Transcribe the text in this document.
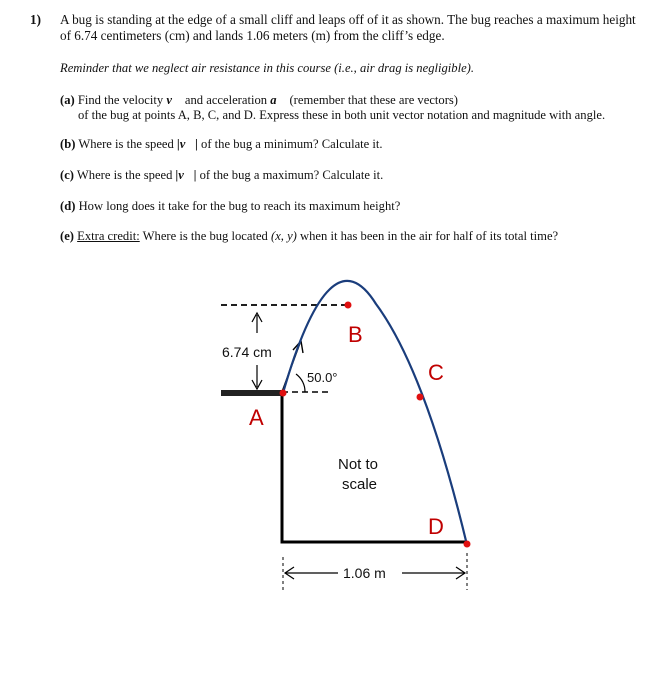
1) A bug is standing at the edge of a small cliff and leaps off of it as shown. The bug reaches a maximum height of 6.74 centimeters (cm) and lands 1.06 meters (m) from the cliff’s edge.
Reminder that we neglect air resistance in this course (i.e., air drag is negligible).
(a) Find the velocity v⃗ and acceleration a⃗ (remember that these are vectors)
of the bug at points A, B, C, and D. Express these in both unit vector notation and magnitude with angle.
(b) Where is the speed |v⃗| of the bug a minimum? Calculate it.
(c) Where is the speed |v⃗| of the bug a maximum? Calculate it.
(d) How long does it take for the bug to reach its maximum height?
(e) Extra credit: Where is the bug located (x, y) when it has been in the air for half of its total time?
6.74 cm
50.0°
A
B
C
D
Not to
scale
1.06 m
